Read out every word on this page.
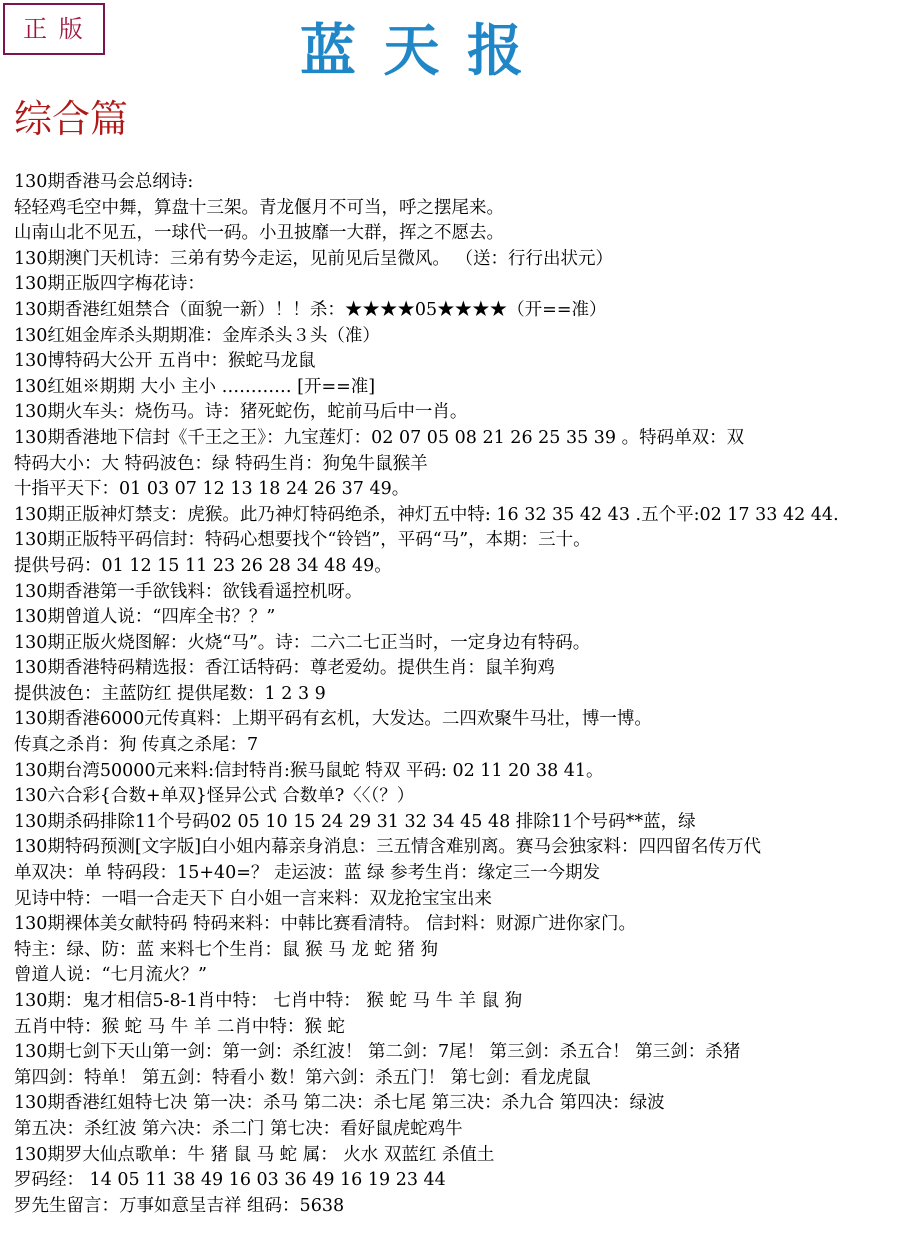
正 版	蓝 天 报
综合篇
130期香港马会总纲诗:
轻轻鸡毛空中舞，算盘十三架。青龙偃月不可当，呼之摆尾来。
山南山北不见五，一球代一码。小丑披靡一大群，挥之不愿去。
130期澳门天机诗：三弟有势今走运，见前见后呈微风。 （送：行行出状元）
130期正版四字梅花诗：
130期香港红姐禁合（面貌一新）！！杀：★★★★05★★★★（开==准）
130红姐金库杀头期期准：金库杀头３头（准）
130博特码大公开 五肖中：猴蛇马龙鼠
130红姐※期期 大小 主小 ………… [开==准]
130期火车头：烧伤马。诗：猪死蛇伤，蛇前马后中一肖。
130期香港地下信封《千王之王》：九宝莲灯：02 07 05 08 21 26 25 35 39 。特码单双：双
特码大小：大 特码波色：绿 特码生肖：狗兔牛鼠猴羊
十指平天下：01 03 07 12 13 18 24 26 37 49。
130期正版神灯禁支：虎猴。此乃神灯特码绝杀，神灯五中特: 16 32 35 42 43 .五个平:02 17 33 42 44.
130期正版特平码信封：特码心想要找个“铃铛”，平码“马”，本期：三十。
提供号码：01 12 15 11 23 26 28 34 48 49。
130期香港第一手欲钱料：欲钱看遥控机呀。
130期曾道人说：“四库全书？？”
130期正版火烧图解：火烧“马”。诗：二六二七正当时，一定身边有特码。
130期香港特码精选报：香江话特码：尊老爱幼。提供生肖：鼠羊狗鸡
提供波色：主蓝防红 提供尾数：1 2 3 9
130期香港6000元传真料：上期平码有玄机，大发达。二四欢聚牛马壮，博一博。
传真之杀肖：狗 传真之杀尾：7
130期台湾50000元来料:信封特肖:猴马鼠蛇 特双 平码: 02 11 20 38 41。
130六合彩{合数+单双}怪异公式 合数单?〈〈（？）
130期杀码排除11个号码02 05 10 15 24 29 31 32 34 45 48 排除11个号码**蓝，绿
130期特码预测[文字版]白小姐内幕亲身消息：三五情含难别离。赛马会独家料：四四留名传万代
单双决：单 特码段：15+40=？ 走运波：蓝 绿 参考生肖：缘定三一今期发
见诗中特：一唱一合走天下 白小姐一言来料：双龙抢宝宝出来
130期裸体美女献特码 特码来料：中韩比赛看清特。 信封料：财源广进你家门。
特主：绿、防：蓝 来料七个生肖：鼠 猴 马 龙 蛇 猪 狗
曾道人说：“七月流火？”
130期：鬼才相信5-8-1肖中特： 七肖中特： 猴 蛇 马 牛 羊 鼠 狗
五肖中特：猴 蛇 马 牛 羊 二肖中特：猴 蛇
130期七剑下天山第一剑：第一剑：杀红波！ 第二剑：7尾！ 第三剑：杀五合！ 第三剑：杀猪
第四剑：特单！ 第五剑：特看小 数！第六剑：杀五门！ 第七剑：看龙虎鼠
130期香港红姐特七决 第一决：杀马 第二决：杀七尾 第三决：杀九合 第四决：绿波
第五决：杀红波 第六决：杀二门 第七决：看好鼠虎蛇鸡牛
130期罗大仙点歌单：牛 猪 鼠 马 蛇 属： 火水 双蓝红 杀值土
罗码经： 14 05 11 38 49 16 03 36 49 16 19 23 44
罗先生留言：万事如意呈吉祥 组码：5638
